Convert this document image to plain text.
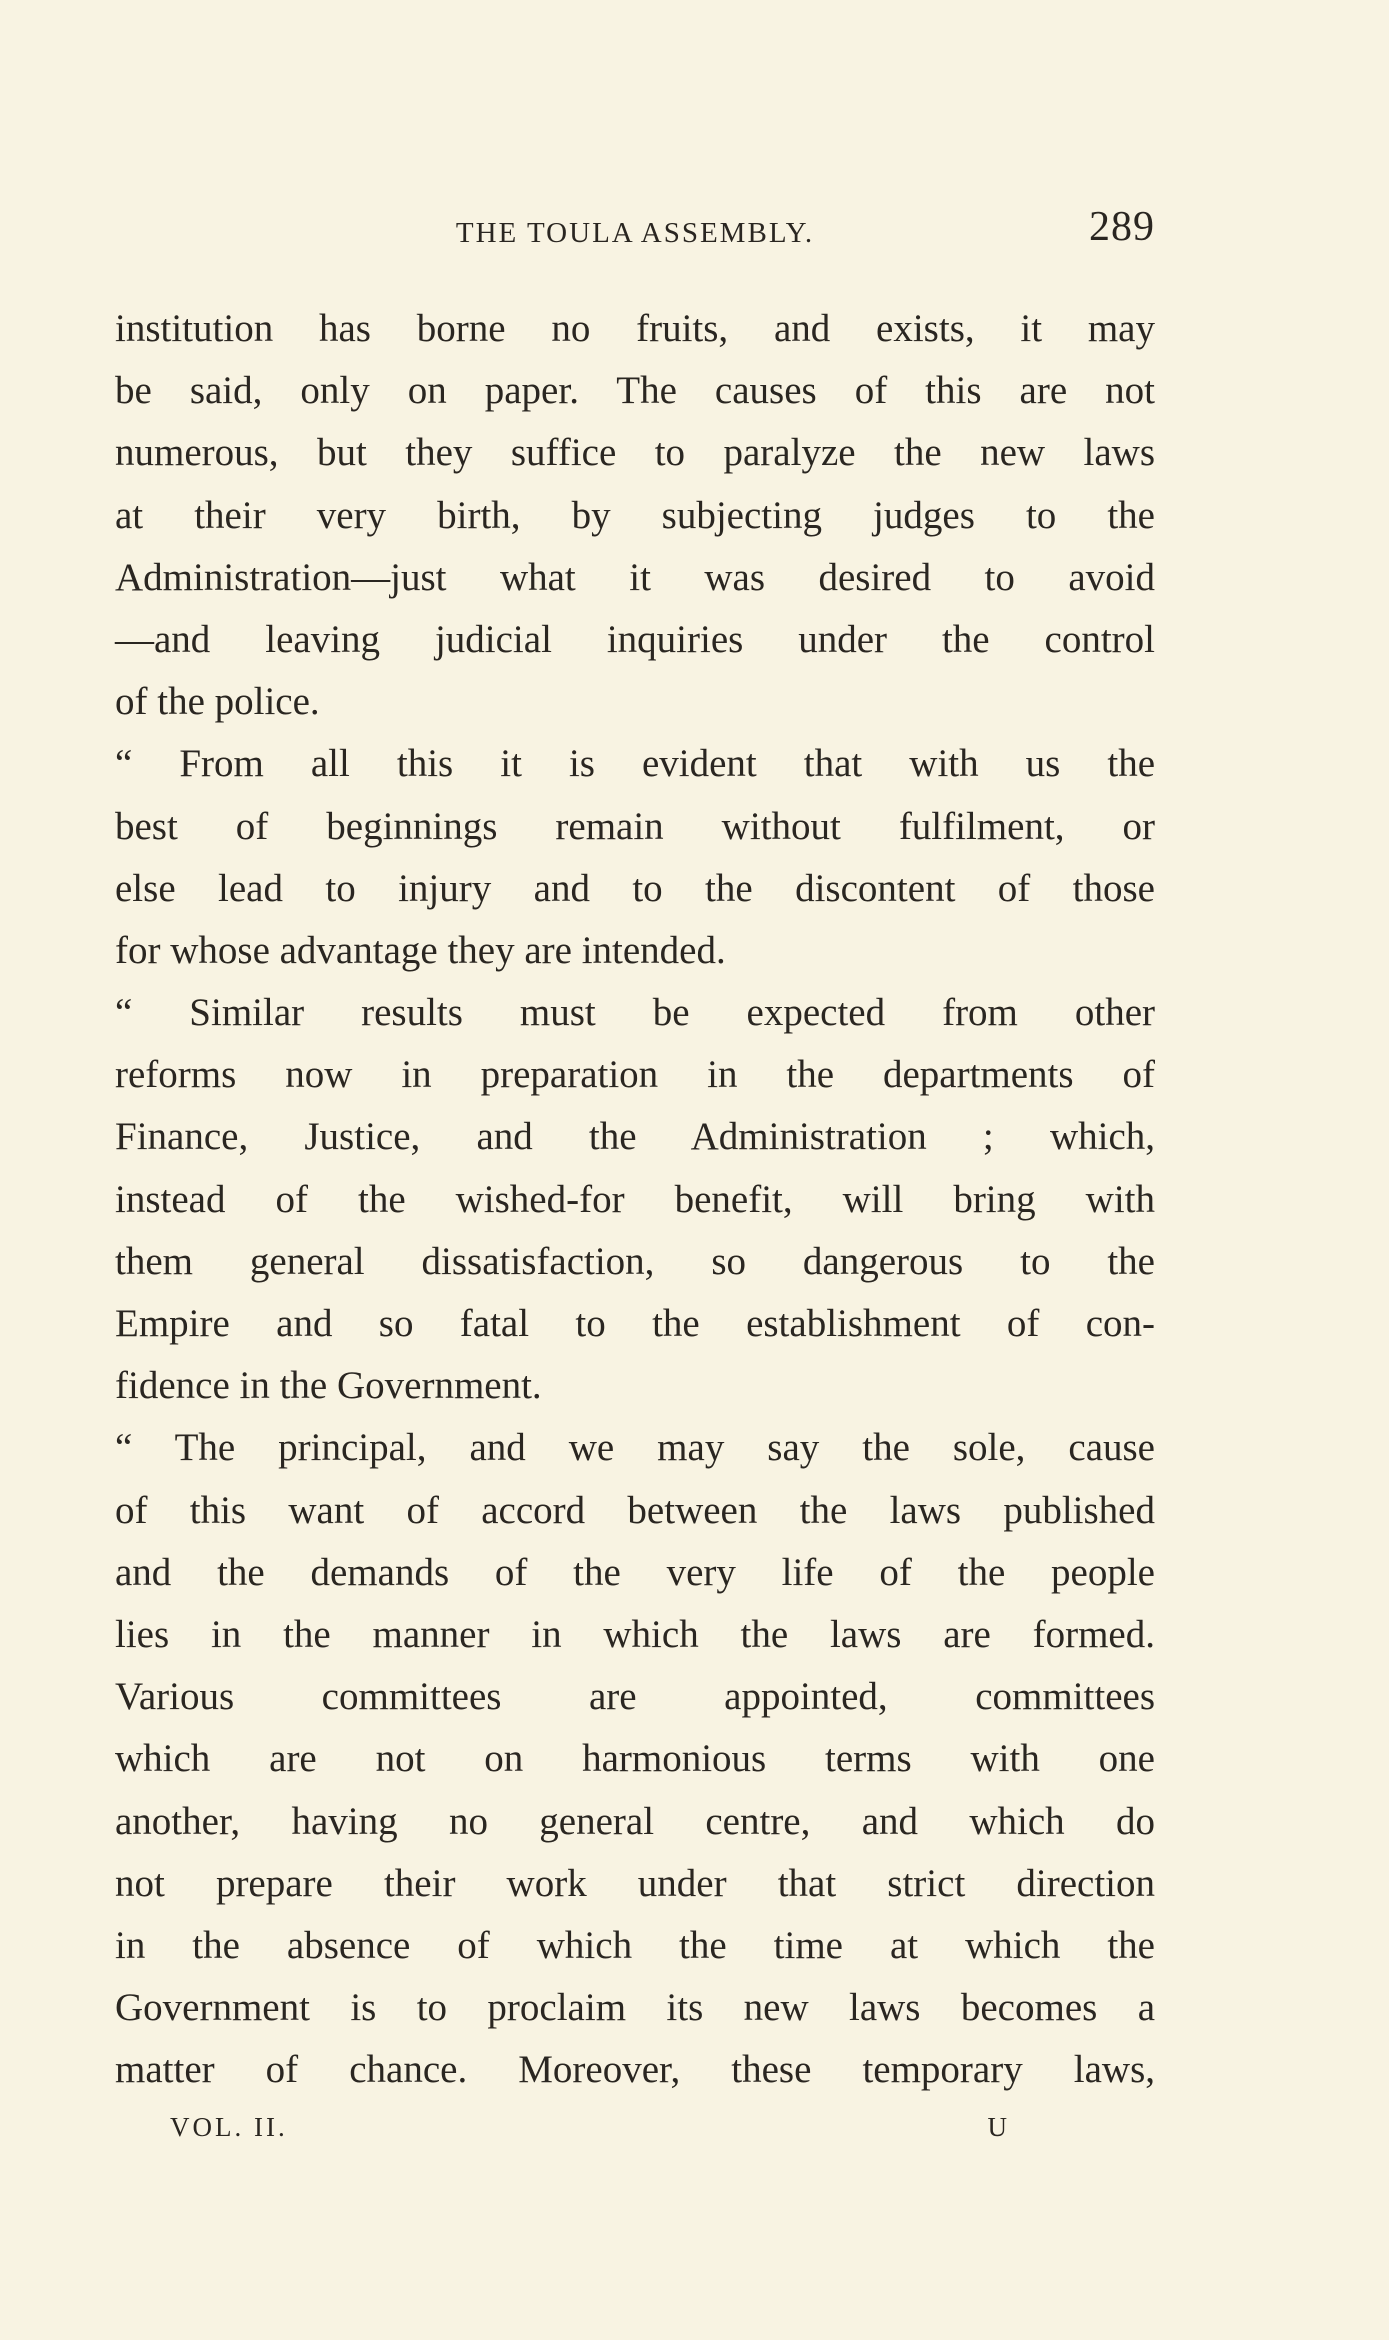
THE TOULA ASSEMBLY.	289
institution has borne no fruits, and exists, it may
be said, only on paper. The causes of this are not
numerous, but they suffice to paralyze the new laws
at their very birth, by subjecting judges to the
Administration—just what it was desired to avoid
—and leaving judicial inquiries under the control
of the police.
“ From all this it is evident that with us the
best of beginnings remain without fulfilment, or
else lead to injury and to the discontent of those
for whose advantage they are intended.
“ Similar results must be expected from other
reforms now in preparation in the departments of
Finance, Justice, and the Administration ; which,
instead of the wished-for benefit, will bring with
them general dissatisfaction, so dangerous to the
Empire and so fatal to the establishment of con-
fidence in the Government.
“ The principal, and we may say the sole, cause
of this want of accord between the laws published
and the demands of the very life of the people
lies in the manner in which the laws are formed.
Various committees are appointed, committees
which are not on harmonious terms with one
another, having no general centre, and which do
not prepare their work under that strict direction
in the absence of which the time at which the
Government is to proclaim its new laws becomes a
matter of chance. Moreover, these temporary laws,
VOL. II.	U
